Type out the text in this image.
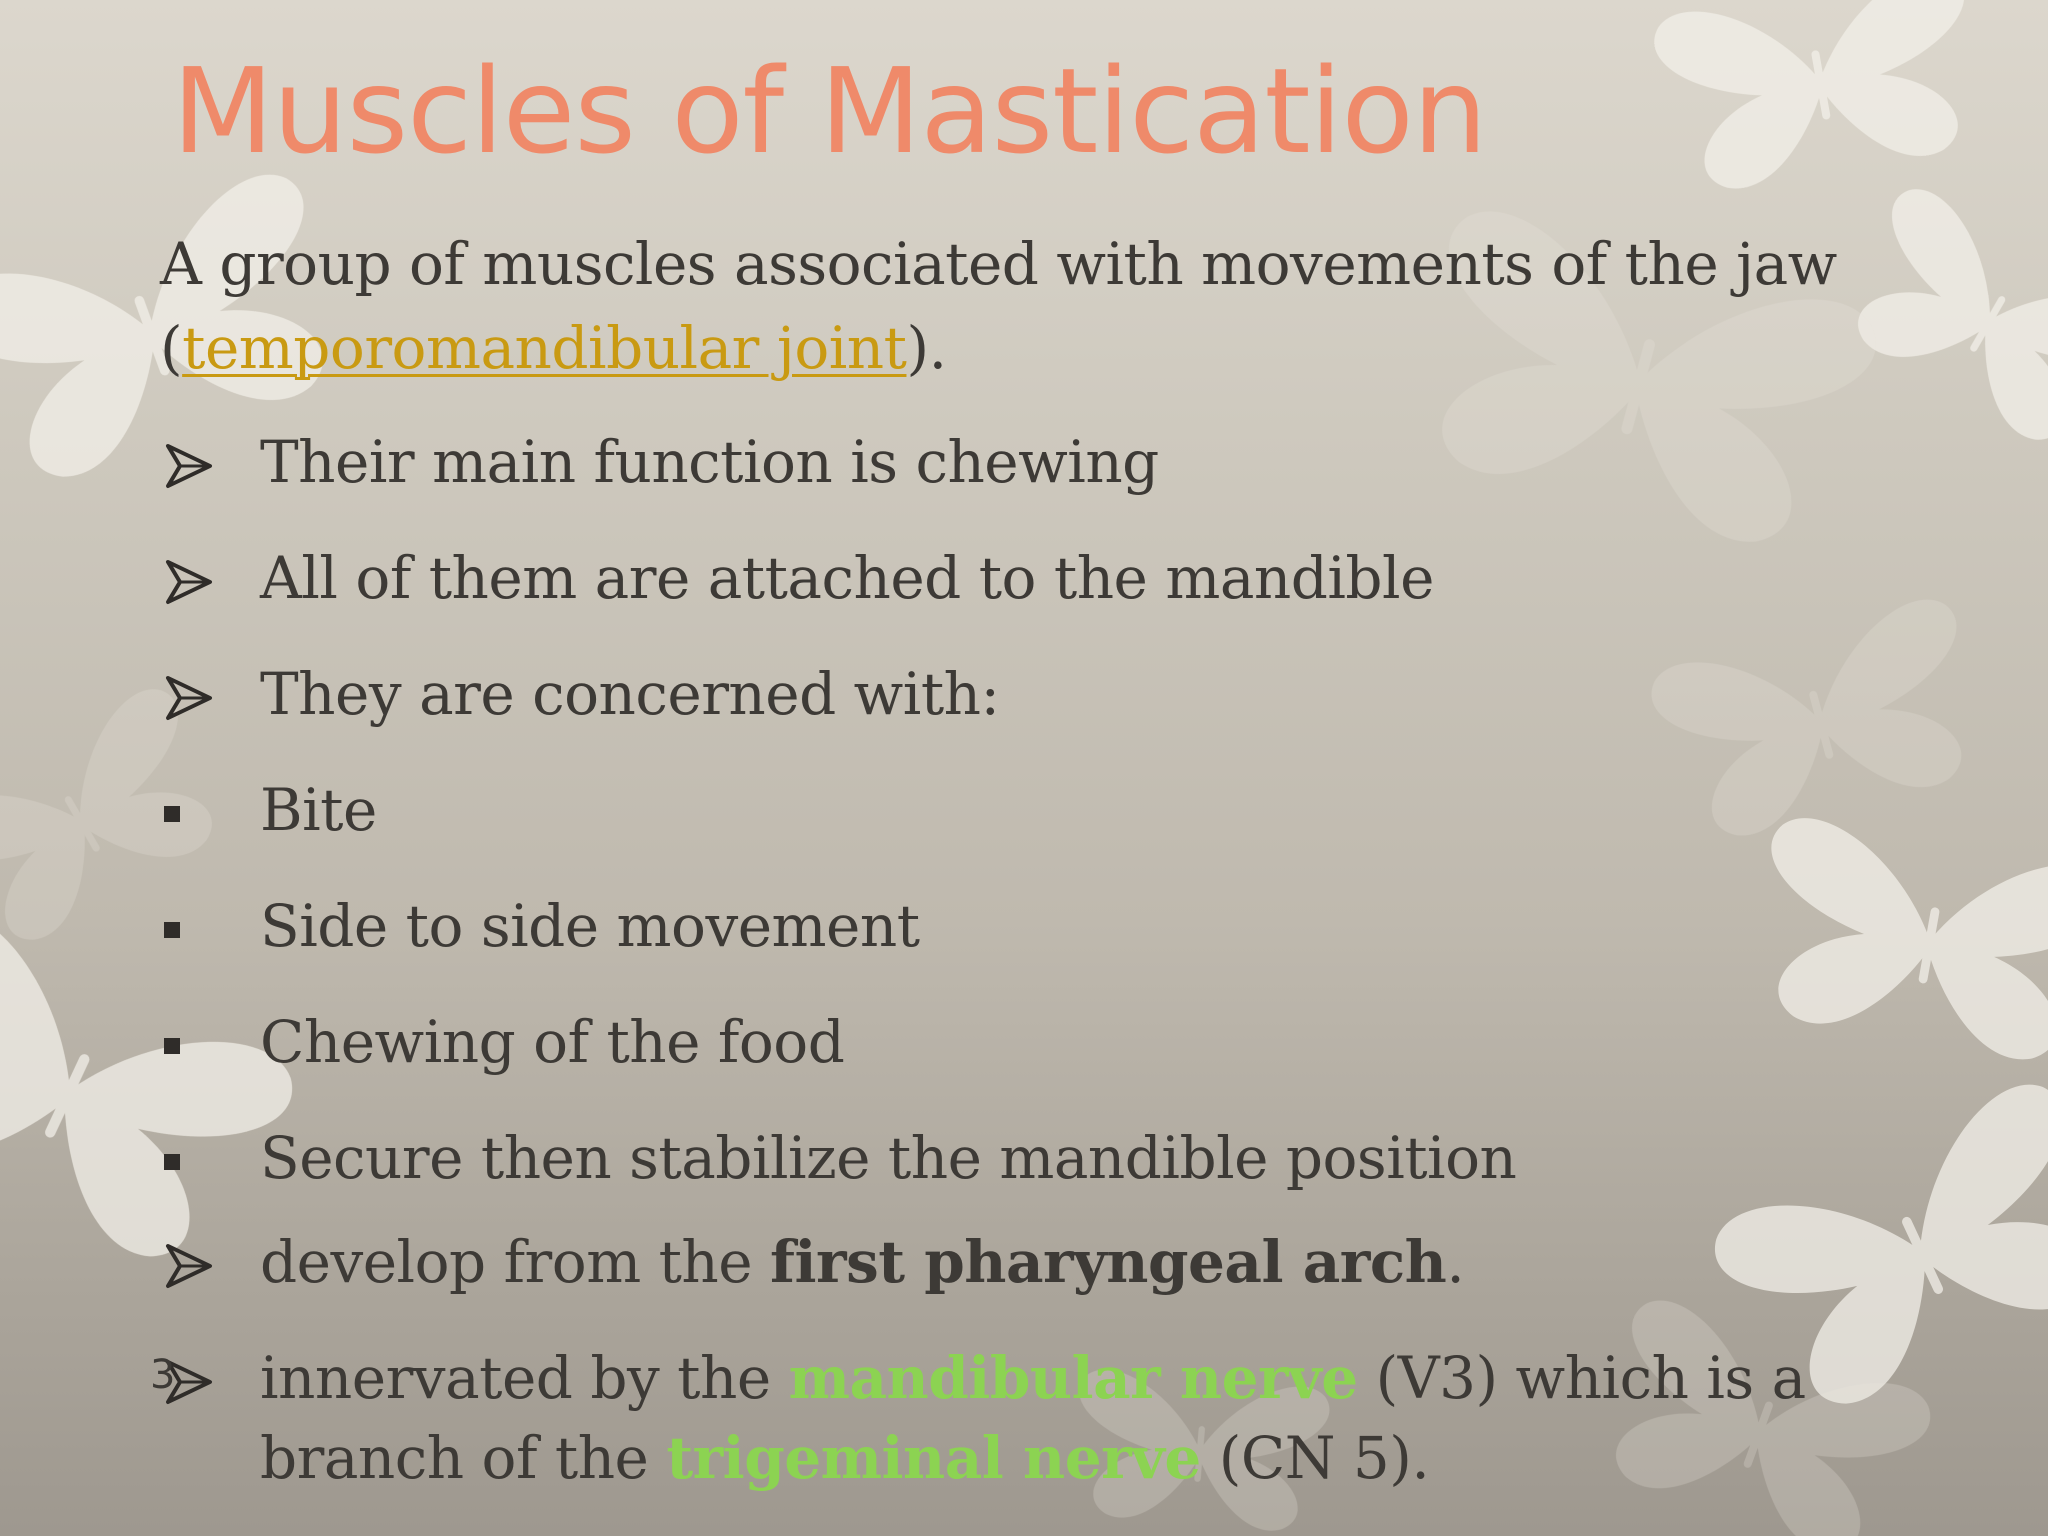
Muscles of Mastication
A group of muscles associated with movements of the jaw (temporomandibular joint).
Their main function is chewing
All of them are attached to the mandible
They are concerned with:
Bite
Side to side movement
Chewing of the food
Secure then stabilize the mandible position
develop from the first pharyngeal arch.
innervated by the mandibular nerve (V3) which is a
branch of the trigeminal nerve (CN 5).
3
